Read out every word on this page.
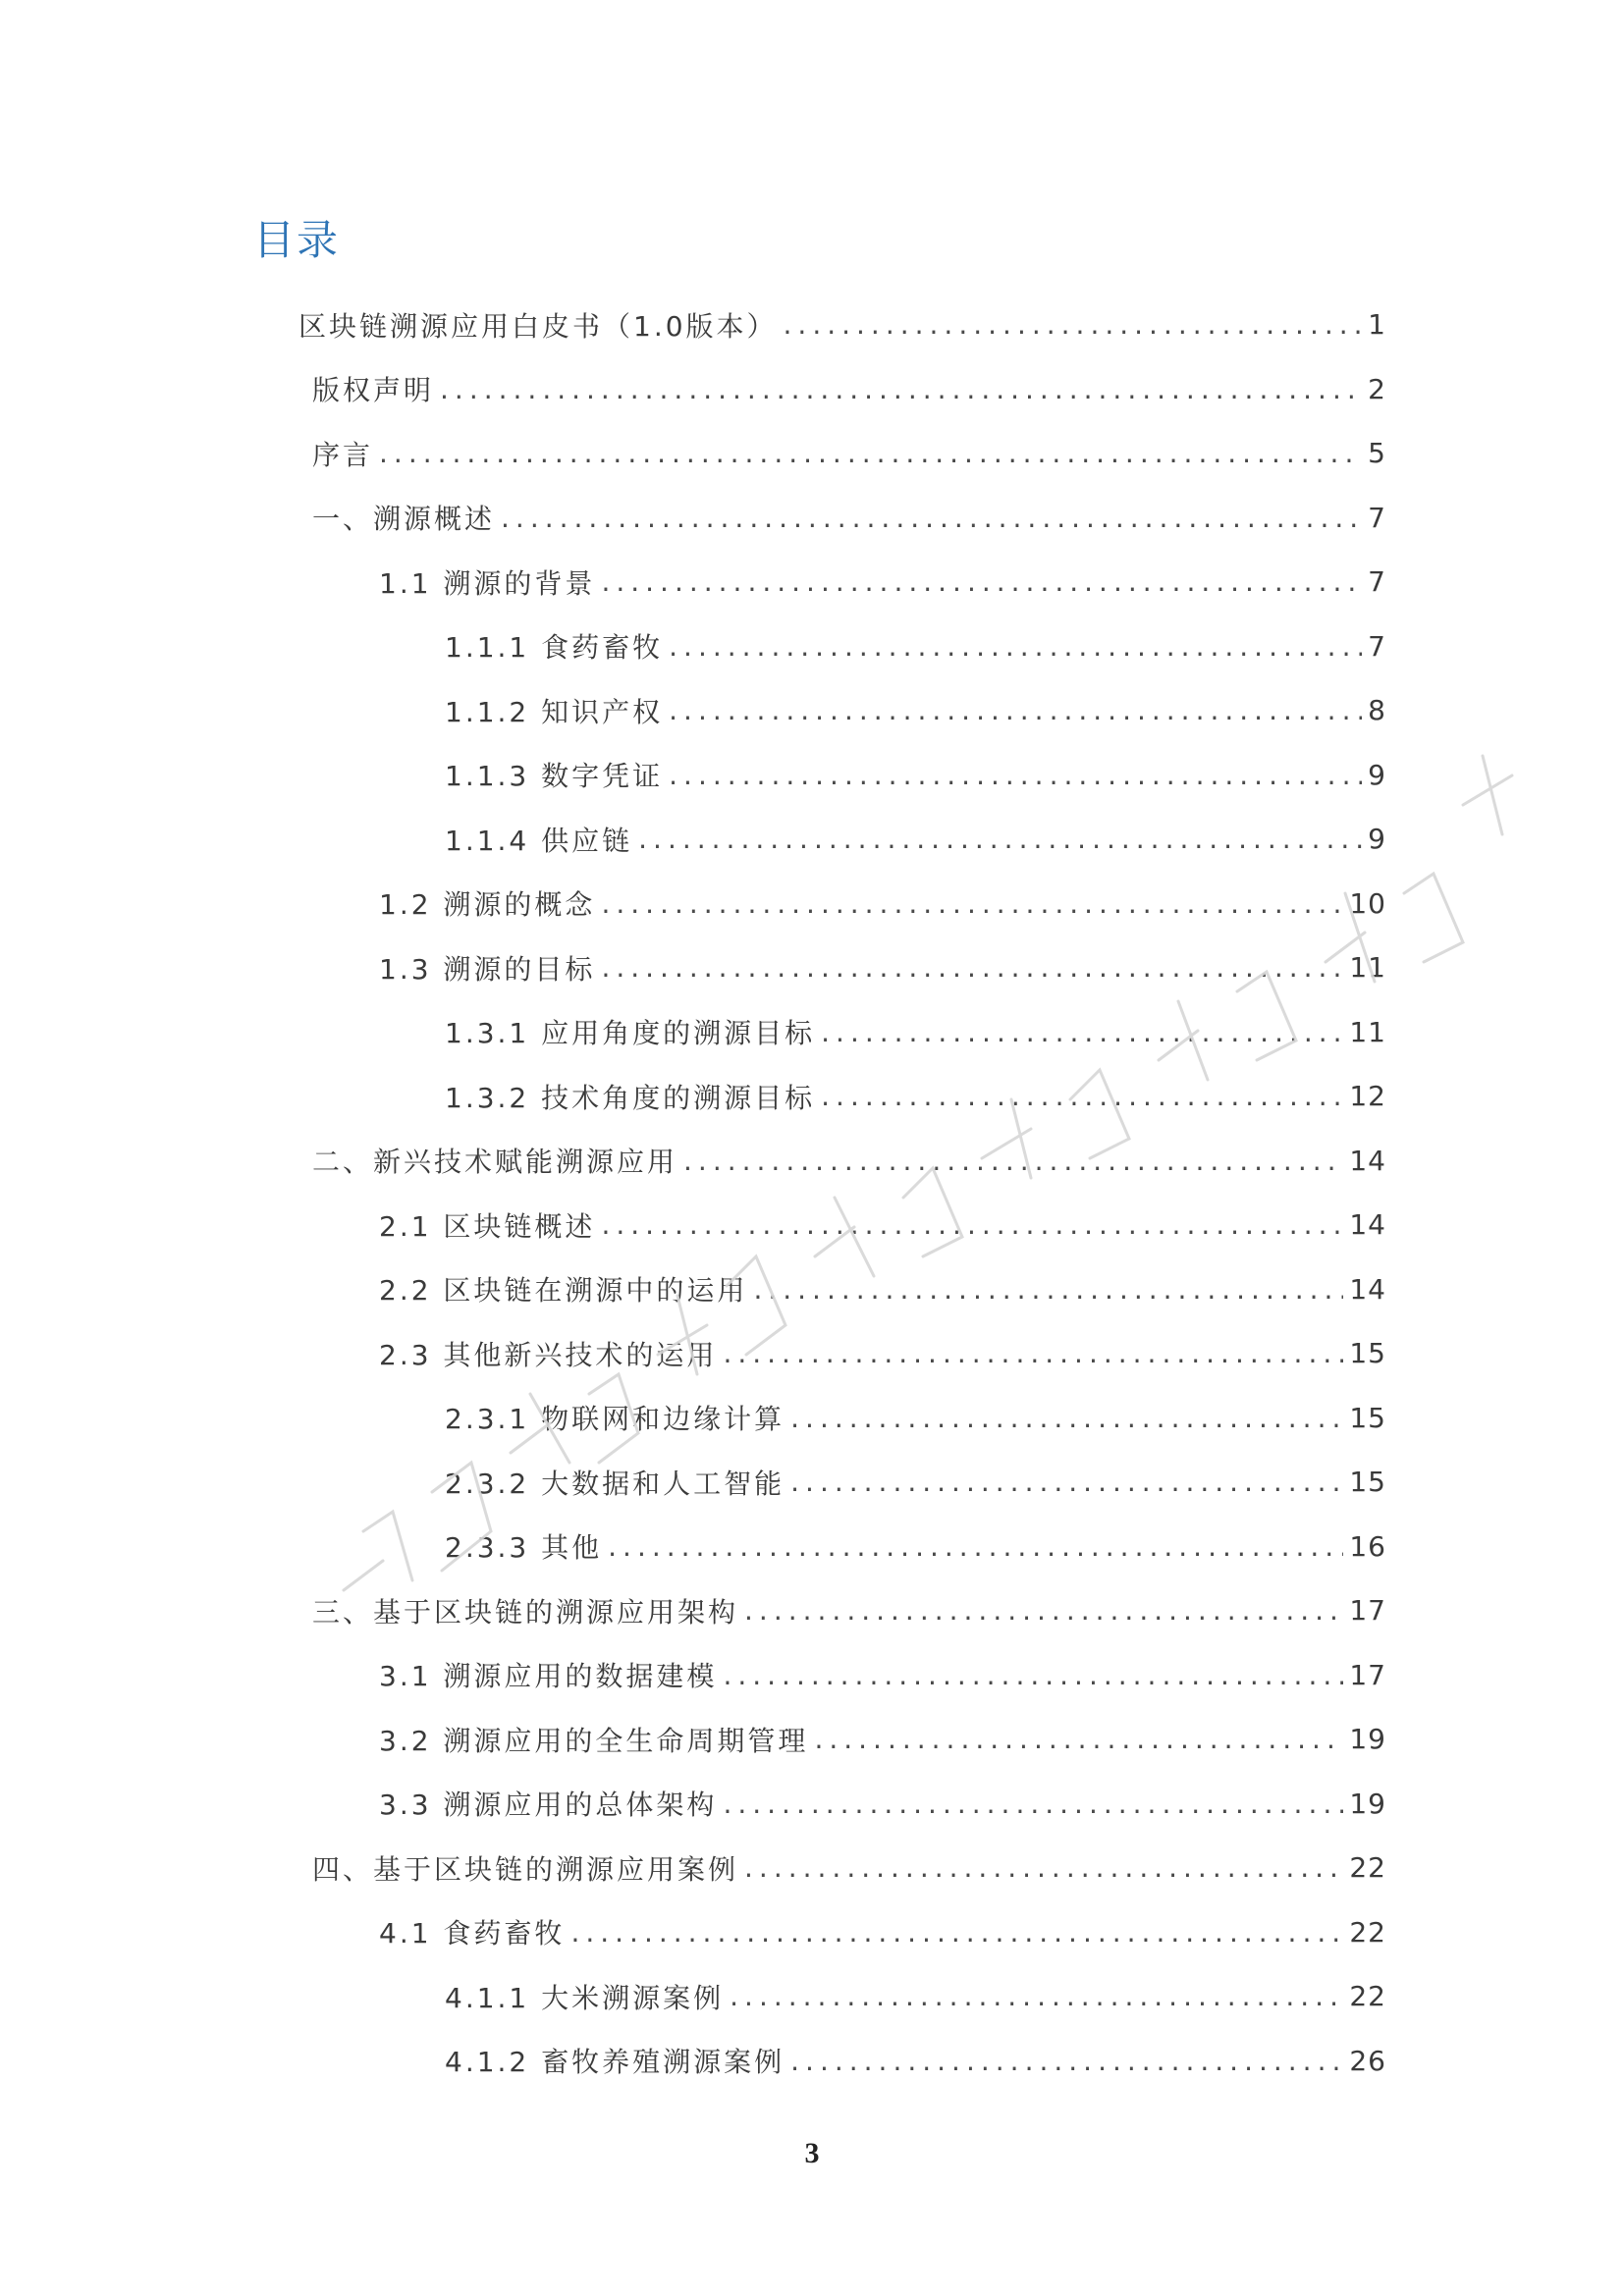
目录
区块链溯源应用白皮书（1.0版本） .....	1
版权声明 .....	2
序言 .....	5
一、溯源概述 .....	7
1.1 溯源的背景 .....	7
1.1.1 食药畜牧 .....	7
1.1.2 知识产权 .....	8
1.1.3 数字凭证 .....	9
1.1.4 供应链 .....	9
1.2 溯源的概念 .....	10
1.3 溯源的目标 .....	11
1.3.1 应用角度的溯源目标 .....	11
1.3.2 技术角度的溯源目标 .....	12
二、新兴技术赋能溯源应用 .....	14
2.1 区块链概述 .....	14
2.2 区块链在溯源中的运用 .....	14
2.3 其他新兴技术的运用 .....	15
2.3.1 物联网和边缘计算 .....	15
2.3.2 大数据和人工智能 .....	15
2.3.3 其他 .....	16
三、基于区块链的溯源应用架构 .....	17
3.1 溯源应用的数据建模 .....	17
3.2 溯源应用的全生命周期管理 .....	19
3.3 溯源应用的总体架构 .....	19
四、基于区块链的溯源应用案例 .....	22
4.1 食药畜牧 .....	22
4.1.1 大米溯源案例 .....	22
4.1.2 畜牧养殖溯源案例 .....	26
3
